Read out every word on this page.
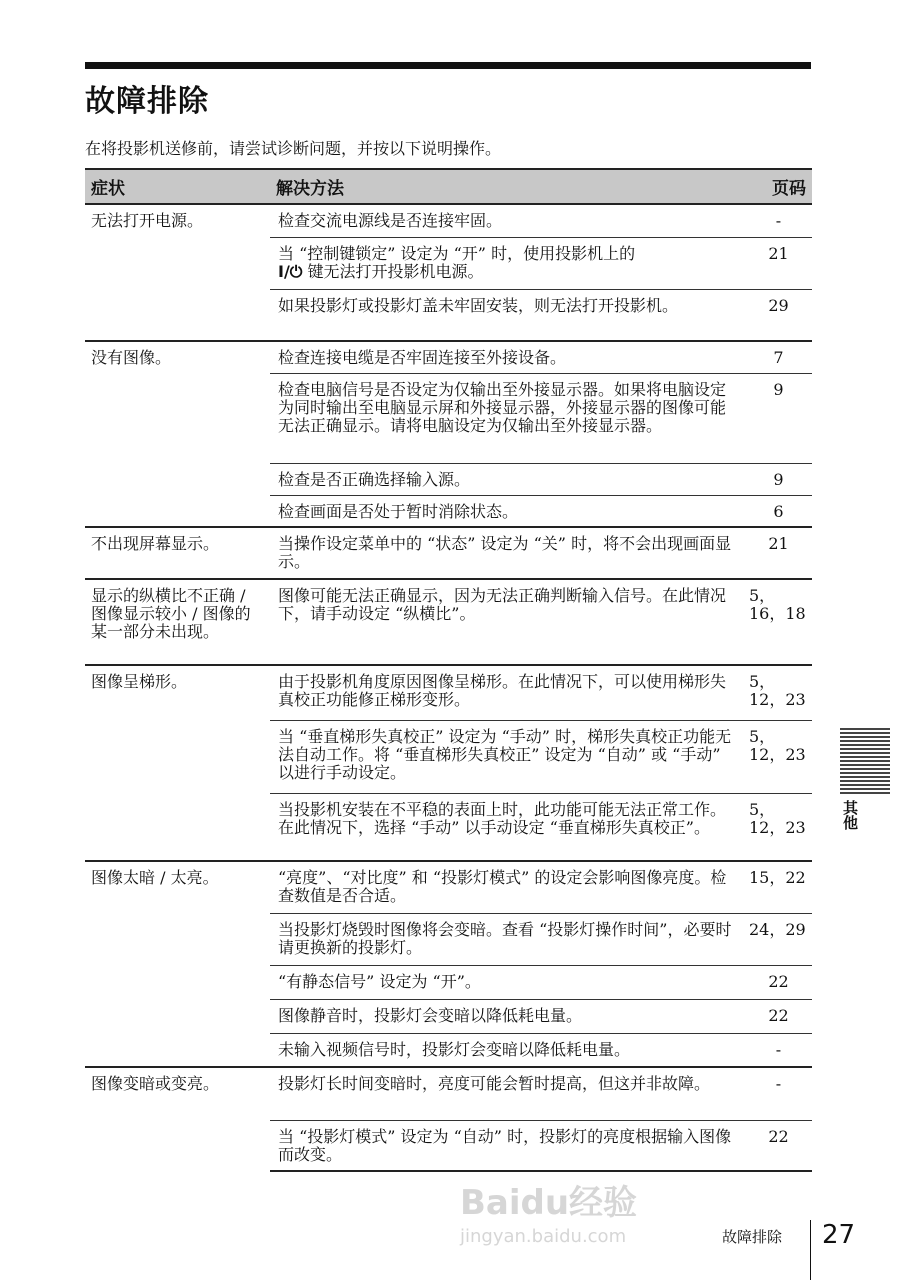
故障排除
在将投影机送修前，请尝试诊断问题，并按以下说明操作。
症状	解决方法	页码
无法打开电源。	检查交流电源线是否连接牢固。	-
	当 “控制键锁定” 设定为 “开” 时，使用投影机上的
I/⏻ 键无法打开投影机电源。	21
	如果投影灯或投影灯盖未牢固安装，则无法打开投影机。	29
没有图像。	检查连接电缆是否牢固连接至外接设备。	7
	检查电脑信号是否设定为仅输出至外接显示器。如果将电脑设定为同时输出至电脑显示屏和外接显示器，外接显示器的图像可能无法正确显示。请将电脑设定为仅输出至外接显示器。	9
	检查是否正确选择输入源。	9
	检查画面是否处于暂时消除状态。	6
不出现屏幕显示。	当操作设定菜单中的 “状态” 设定为 “关” 时，将不会出现画面显示。	21
显示的纵横比不正确 / 图像显示较小 / 图像的某一部分未出现。	图像可能无法正确显示，因为无法正确判断输入信号。在此情况下，请手动设定 “纵横比”。	5，16，18
图像呈梯形。	由于投影机角度原因图像呈梯形。在此情况下，可以使用梯形失真校正功能修正梯形变形。	5，12，23
	当 “垂直梯形失真校正” 设定为 “手动” 时，梯形失真校正功能无法自动工作。将 “垂直梯形失真校正” 设定为 “自动” 或 “手动” 以进行手动设定。	5，12，23
	当投影机安装在不平稳的表面上时，此功能可能无法正常工作。在此情况下，选择 “手动” 以手动设定 “垂直梯形失真校正”。	5，12，23
图像太暗 / 太亮。	“亮度”、“对比度” 和 “投影灯模式” 的设定会影响图像亮度。检查数值是否合适。	15，22
	当投影灯烧毁时图像将会变暗。查看 “投影灯操作时间”，必要时请更换新的投影灯。	24，29
	“有静态信号” 设定为 “开”。	22
	图像静音时，投影灯会变暗以降低耗电量。	22
	未输入视频信号时，投影灯会变暗以降低耗电量。	-
图像变暗或变亮。	投影灯长时间变暗时，亮度可能会暂时提高，但这并非故障。	-
	当 “投影灯模式” 设定为 “自动” 时，投影灯的亮度根据输入图像而改变。	22
其他
Baidu经验
jingyan.baidu.com	故障排除 27
